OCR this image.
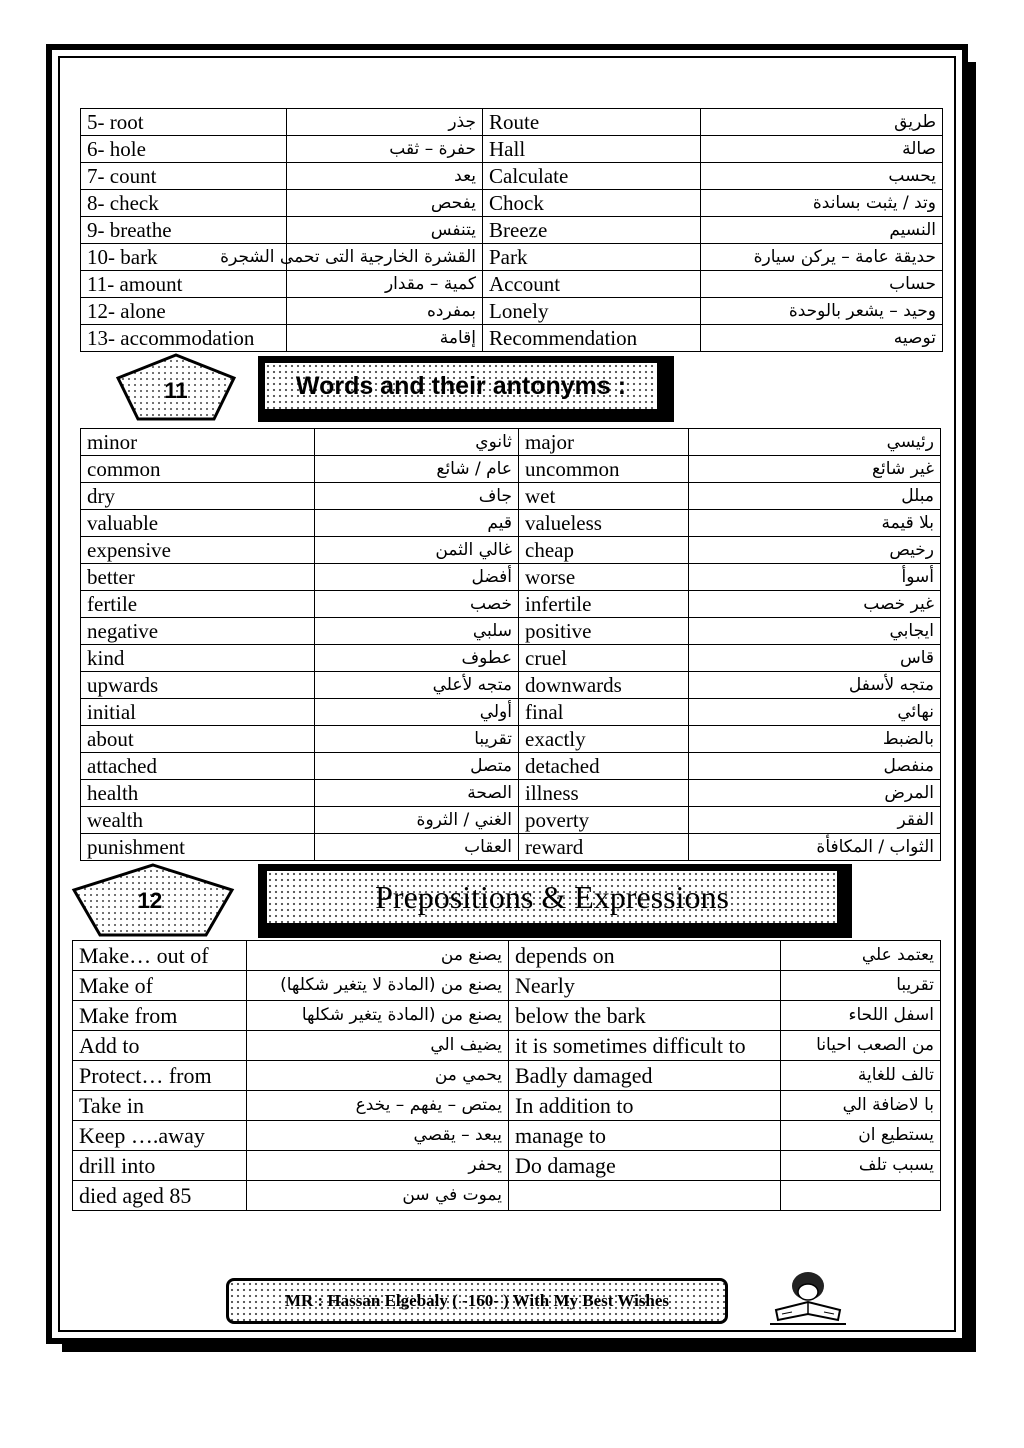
5- root	جذر	Route	طريق
6- hole	حفرة – ثقب	Hall	صالة
7- count	يعد	Calculate	يحسب
8- check	يفحص	Chock	وتد / يثبت بساندة
9- breathe	يتنفس	Breeze	النسيم
10- bark	القشرة الخارجية التى تحمى الشجرة	Park	حديقة عامة – يركن سيارة
11- amount	كمية – مقدار	Account	حساب
12- alone	بمفرده	Lonely	وحيد – يشعر بالوحدة
13- accommodation	إقامة	Recommendation	توصيه
11	Words and their antonyms :
minor	ثانوي	major	رئيسي
common	عام / شائع	uncommon	غير شائع
dry	جاف	wet	مبلل
valuable	قيم	valueless	بلا قيمة
expensive	غالي الثمن	cheap	رخيص
better	أفضل	worse	أسوأ
fertile	خصب	infertile	غير خصب
negative	سلبي	positive	ايجابي
kind	عطوف	cruel	قاس
upwards	متجه لأعلي	downwards	متجه لأسفل
initial	أولي	final	نهائي
about	تقريبا	exactly	بالضبط
attached	متصل	detached	منفصل
health	الصحة	illness	المرض
wealth	الغني / الثروة	poverty	الفقر
punishment	العقاب	reward	الثواب / المكافأة
12	Prepositions & Expressions
Make… out of	يصنع من	depends on	يعتمد علي
Make of	يصنع من (المادة لا يتغير شكلها)	Nearly	تقريبا
Make from	يصنع من (المادة يتغير شكلها	below the bark	اسفل اللحاء
Add to	يضيف الي	it is sometimes difficult to	من الصعب احيانا
Protect… from	يحمي من	Badly damaged	تالف للغاية
Take in	يمتص – يفهم – يخدع	In addition to	با لاضافة الي
Keep ….away	يبعد – يقصي	manage to	يستطيع ان
drill into	يحفر	Do damage	يسبب تلف
died aged 85	يموت في سن		
MR : Hassan Elgebaly ( -160- ) With My Best Wishes
